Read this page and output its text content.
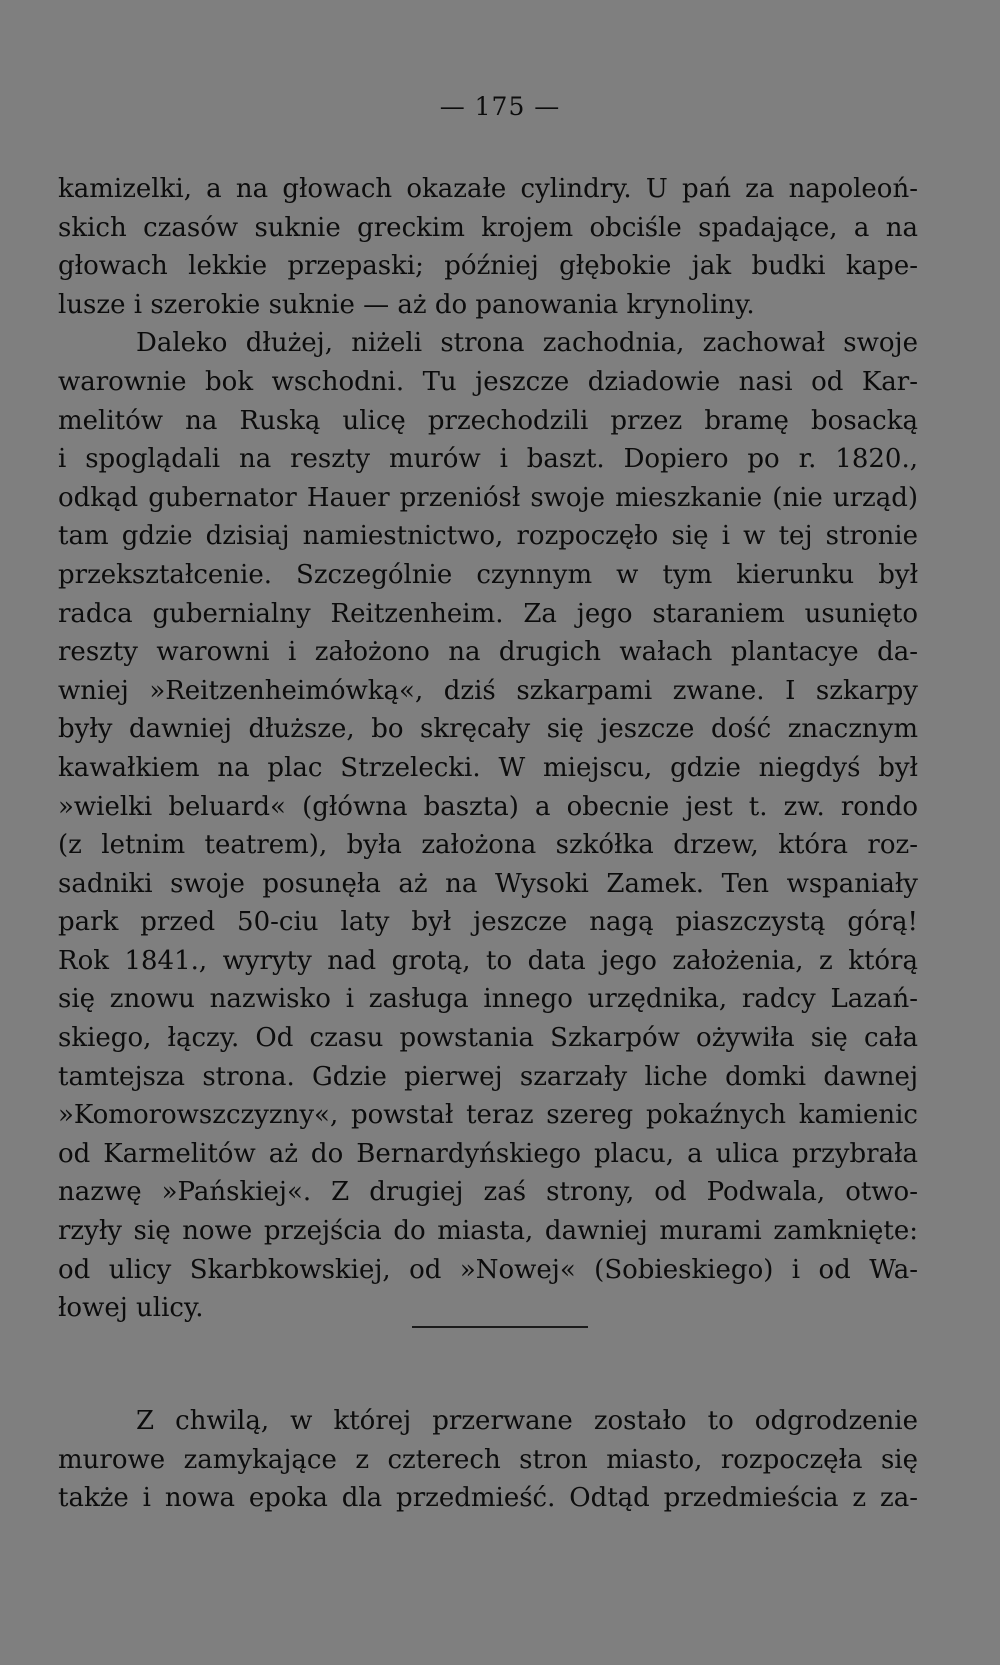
— 175 —
kamizelki, a na głowach okazałe cylindry. U pań za napoleoń-
skich czasów suknie greckim krojem obciśle spadające, a na
głowach lekkie przepaski; później głębokie jak budki kape-
lusze i szerokie suknie — aż do panowania krynoliny.
Daleko dłużej, niżeli strona zachodnia, zachował swoje
warownie bok wschodni. Tu jeszcze dziadowie nasi od Kar-
melitów na Ruską ulicę przechodzili przez bramę bosacką
i spoglądali na reszty murów i baszt. Dopiero po r. 1820.,
odkąd gubernator Hauer przeniósł swoje mieszkanie (nie urząd)
tam gdzie dzisiaj namiestnictwo, rozpoczęło się i w tej stronie
przekształcenie. Szczególnie czynnym w tym kierunku był
radca gubernialny Reitzenheim. Za jego staraniem usunięto
reszty warowni i założono na drugich wałach plantacye da-
wniej »Reitzenheimówką«, dziś szkarpami zwane. I szkarpy
były dawniej dłuższe, bo skręcały się jeszcze dość znacznym
kawałkiem na plac Strzelecki. W miejscu, gdzie niegdyś był
»wielki beluard« (główna baszta) a obecnie jest t. zw. rondo
(z letnim teatrem), była założona szkółka drzew, która roz-
sadniki swoje posunęła aż na Wysoki Zamek. Ten wspaniały
park przed 50-ciu laty był jeszcze nagą piaszczystą górą!
Rok 1841., wyryty nad grotą, to data jego założenia, z którą
się znowu nazwisko i zasługa innego urzędnika, radcy Lazań-
skiego, łączy. Od czasu powstania Szkarpów ożywiła się cała
tamtejsza strona. Gdzie pierwej szarzały liche domki dawnej
»Komorowszczyzny«, powstał teraz szereg pokaźnych kamienic
od Karmelitów aż do Bernardyńskiego placu, a ulica przybrała
nazwę »Pańskiej«. Z drugiej zaś strony, od Podwala, otwo-
rzyły się nowe przejścia do miasta, dawniej murami zamknięte:
od ulicy Skarbkowskiej, od »Nowej« (Sobieskiego) i od Wa-
łowej ulicy.
Z chwilą, w której przerwane zostało to odgrodzenie
murowe zamykające z czterech stron miasto, rozpoczęła się
także i nowa epoka dla przedmieść. Odtąd przedmieścia z za-
